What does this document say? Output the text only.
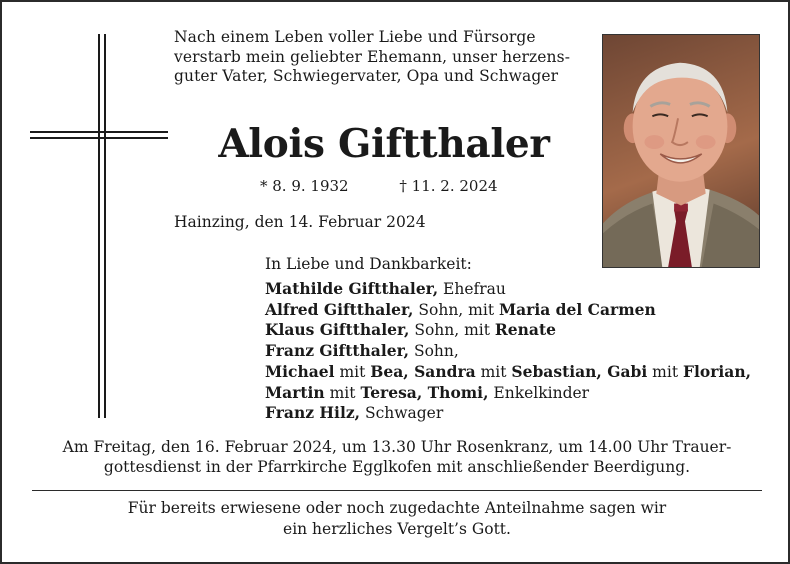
Nach einem Leben voller Liebe und Fürsorge
verstarb mein geliebter Ehemann, unser herzens-
guter Vater, Schwiegervater, Opa und Schwager
Alois Giftthaler
* 8. 9. 1932	† 11. 2. 2024
Hainzing, den 14. Februar 2024
In Liebe und Dankbarkeit:
Mathilde Giftthaler, Ehefrau
Alfred Giftthaler, Sohn, mit Maria del Carmen
Klaus Giftthaler, Sohn, mit Renate
Franz Giftthaler, Sohn,
Michael mit Bea, Sandra mit Sebastian, Gabi mit Florian,
Martin mit Teresa, Thomi, Enkelkinder
Franz Hilz, Schwager
Am Freitag, den 16. Februar 2024, um 13.30 Uhr Rosenkranz, um 14.00 Uhr Trauer-
gottesdienst in der Pfarrkirche Egglkofen mit anschließender Beerdigung.
Für bereits erwiesene oder noch zugedachte Anteilnahme sagen wir
ein herzliches Vergelt’s Gott.
